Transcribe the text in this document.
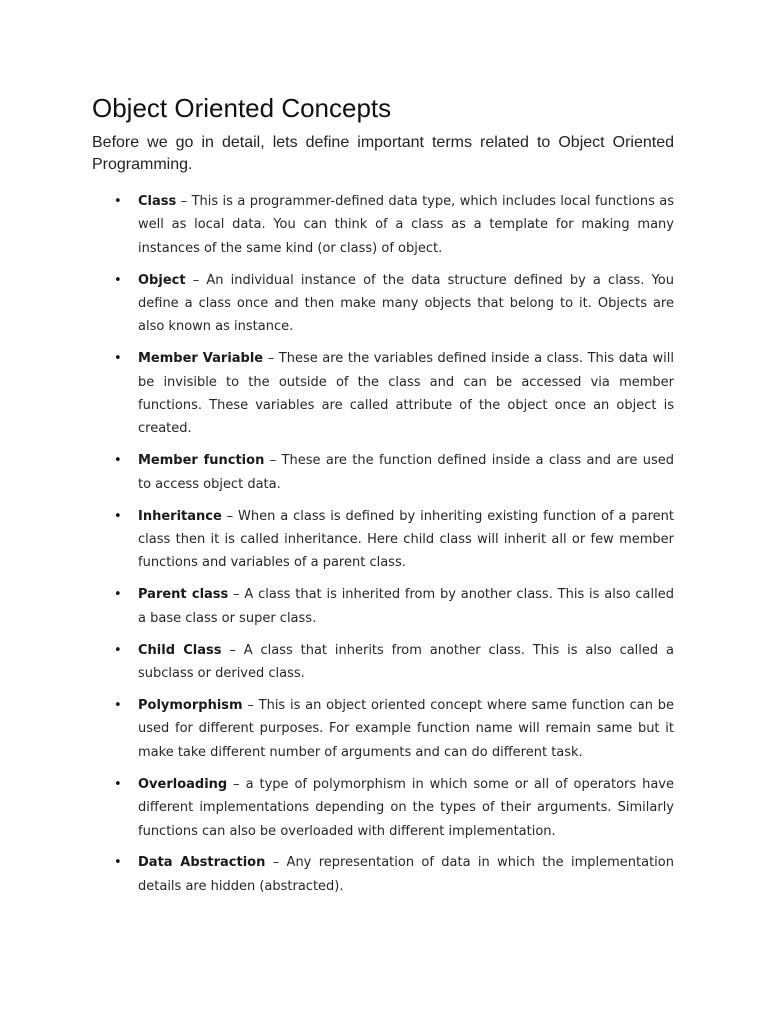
Object Oriented Concepts

Before we go in detail, lets define important terms related to Object Oriented Programming.

• Class – This is a programmer-defined data type, which includes local functions as well as local data. You can think of a class as a template for making many instances of the same kind (or class) of object.
• Object – An individual instance of the data structure defined by a class. You define a class once and then make many objects that belong to it. Objects are also known as instance.
• Member Variable – These are the variables defined inside a class. This data will be invisible to the outside of the class and can be accessed via member functions. These variables are called attribute of the object once an object is created.
• Member function – These are the function defined inside a class and are used to access object data.
• Inheritance – When a class is defined by inheriting existing function of a parent class then it is called inheritance. Here child class will inherit all or few member functions and variables of a parent class.
• Parent class – A class that is inherited from by another class. This is also called a base class or super class.
• Child Class – A class that inherits from another class. This is also called a subclass or derived class.
• Polymorphism – This is an object oriented concept where same function can be used for different purposes. For example function name will remain same but it make take different number of arguments and can do different task.
• Overloading – a type of polymorphism in which some or all of operators have different implementations depending on the types of their arguments. Similarly functions can also be overloaded with different implementation.
• Data Abstraction – Any representation of data in which the implementation details are hidden (abstracted).
